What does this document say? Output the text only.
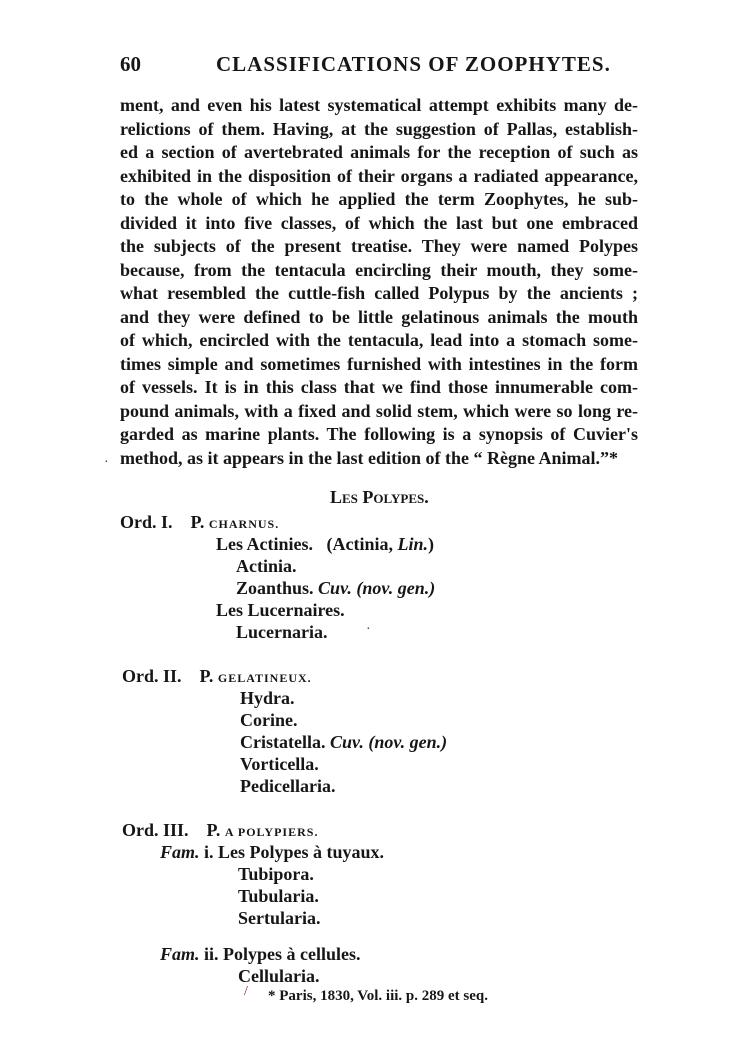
60	CLASSIFICATIONS OF ZOOPHYTES.
ment, and even his latest systematical attempt exhibits many de-
relictions of them. Having, at the suggestion of Pallas, establish-
ed a section of avertebrated animals for the reception of such as
exhibited in the disposition of their organs a radiated appearance,
to the whole of which he applied the term Zoophytes, he sub-
divided it into five classes, of which the last but one embraced
the subjects of the present treatise. They were named Polypes
because, from the tentacula encircling their mouth, they some-
what resembled the cuttle-fish called Polypus by the ancients ;
and they were defined to be little gelatinous animals the mouth
of which, encircled with the tentacula, lead into a stomach some-
times simple and sometimes furnished with intestines in the form
of vessels. It is in this class that we find those innumerable com-
pound animals, with a fixed and solid stem, which were so long re-
garded as marine plants. The following is a synopsis of Cuvier's
method, as it appears in the last edition of the “ Règne Animal.”*
Les Polypes.
Ord. I. P. CHARNUS.
Les Actinies. (Actinia, Lin.)
Actinia.
Zoanthus. Cuv. (nov. gen.)
Les Lucernaires.
Lucernaria.
Ord. II. P. GELATINEUX.
Hydra.
Corine.
Cristatella. Cuv. (nov. gen.)
Vorticella.
Pedicellaria.
Ord. III. P. A POLYPIERS.
Fam. i. Les Polypes à tuyaux.
Tubipora.
Tubularia.
Sertularia.
Fam. ii. Polypes à cellules.
Cellularia.
* Paris, 1830, Vol. iii. p. 289 et seq.
·
·
/
